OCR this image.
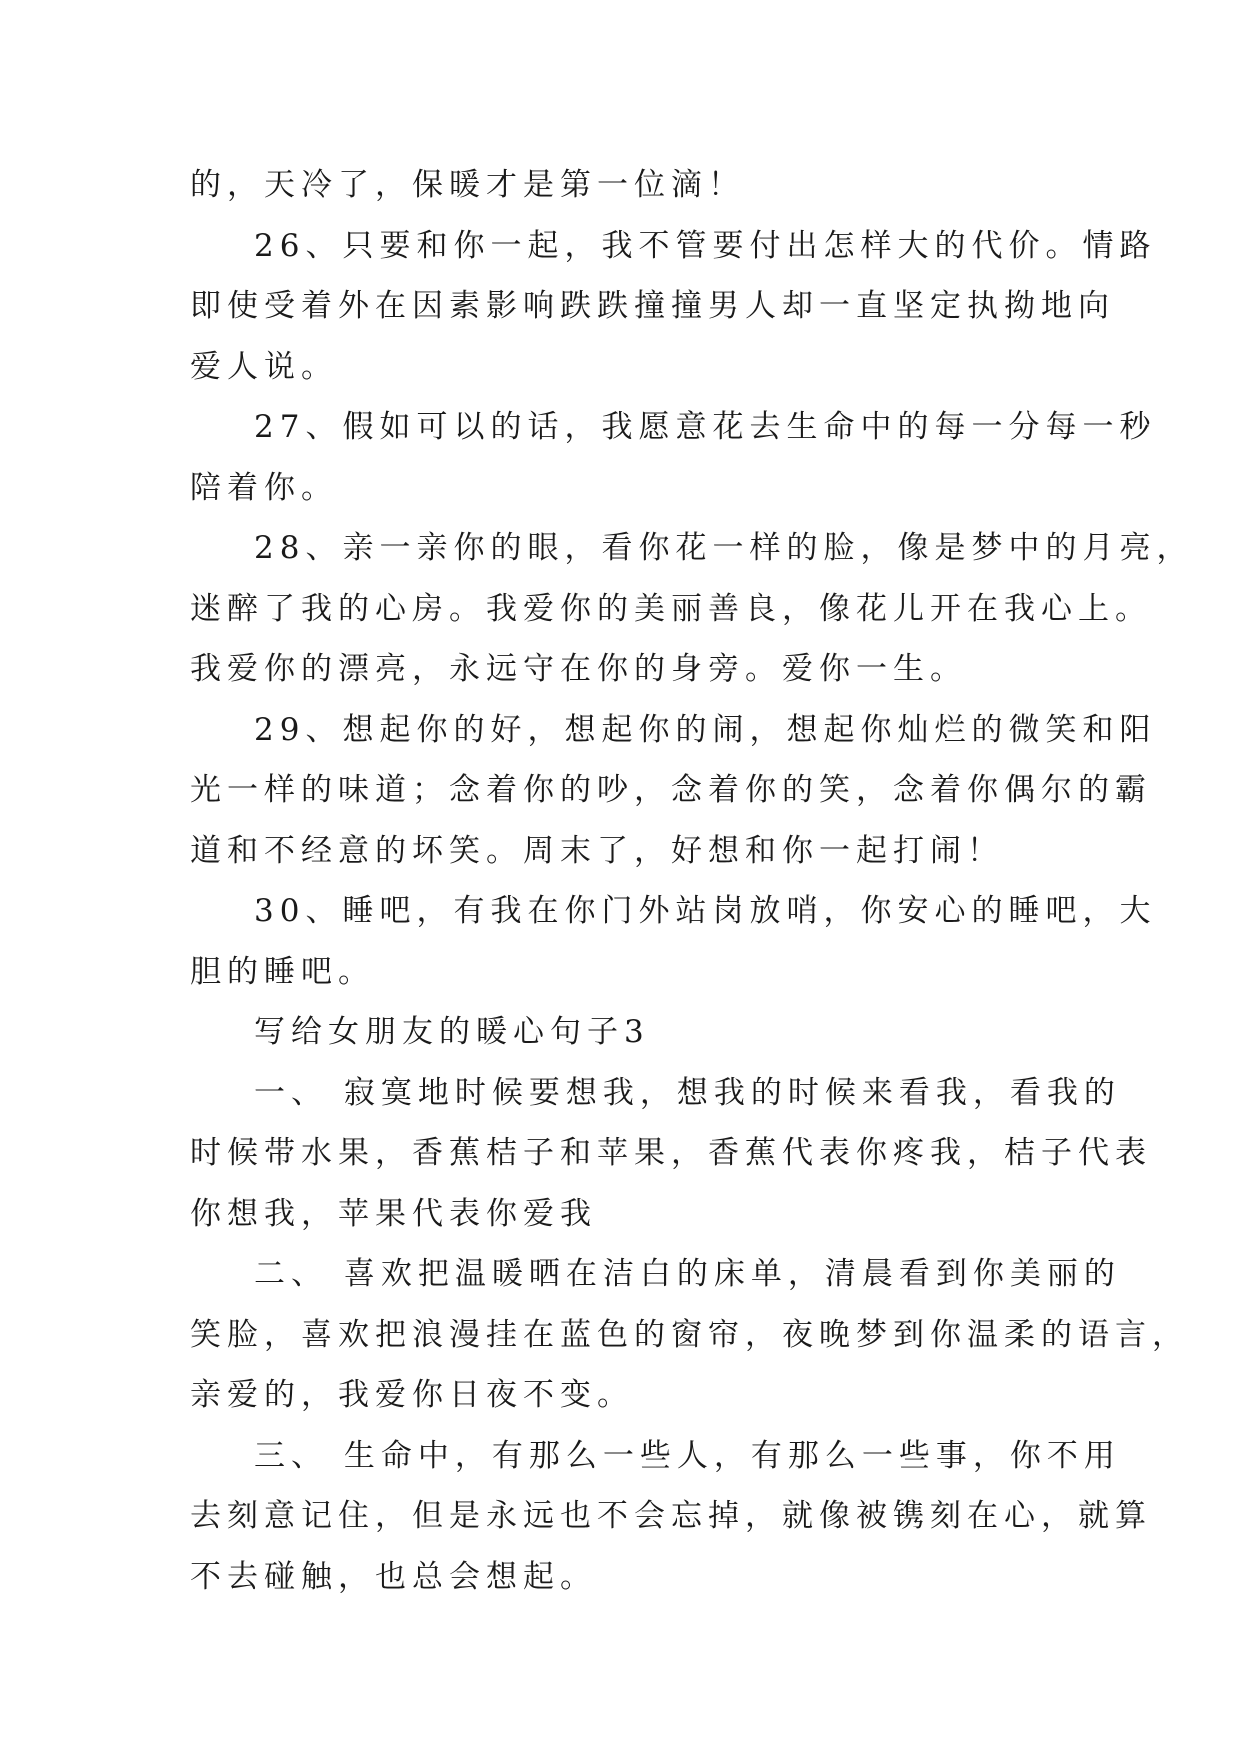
的，天冷了，保暖才是第一位滴！
26、只要和你一起，我不管要付出怎样大的代价。情路
即使受着外在因素影响跌跌撞撞男人却一直坚定执拗地向
爱人说。
27、假如可以的话，我愿意花去生命中的每一分每一秒
陪着你。
28、亲一亲你的眼，看你花一样的脸，像是梦中的月亮，
迷醉了我的心房。我爱你的美丽善良，像花儿开在我心上。
我爱你的漂亮，永远守在你的身旁。爱你一生。
29、想起你的好，想起你的闹，想起你灿烂的微笑和阳
光一样的味道；念着你的吵，念着你的笑，念着你偶尔的霸
道和不经意的坏笑。周末了，好想和你一起打闹！
30、睡吧，有我在你门外站岗放哨，你安心的睡吧，大
胆的睡吧。
写给女朋友的暖心句子3
一、 寂寞地时候要想我，想我的时候来看我，看我的
时候带水果，香蕉桔子和苹果，香蕉代表你疼我，桔子代表
你想我，苹果代表你爱我
二、 喜欢把温暖晒在洁白的床单，清晨看到你美丽的
笑脸，喜欢把浪漫挂在蓝色的窗帘，夜晚梦到你温柔的语言，
亲爱的，我爱你日夜不变。
三、 生命中，有那么一些人，有那么一些事，你不用
去刻意记住，但是永远也不会忘掉，就像被镌刻在心，就算
不去碰触，也总会想起。
